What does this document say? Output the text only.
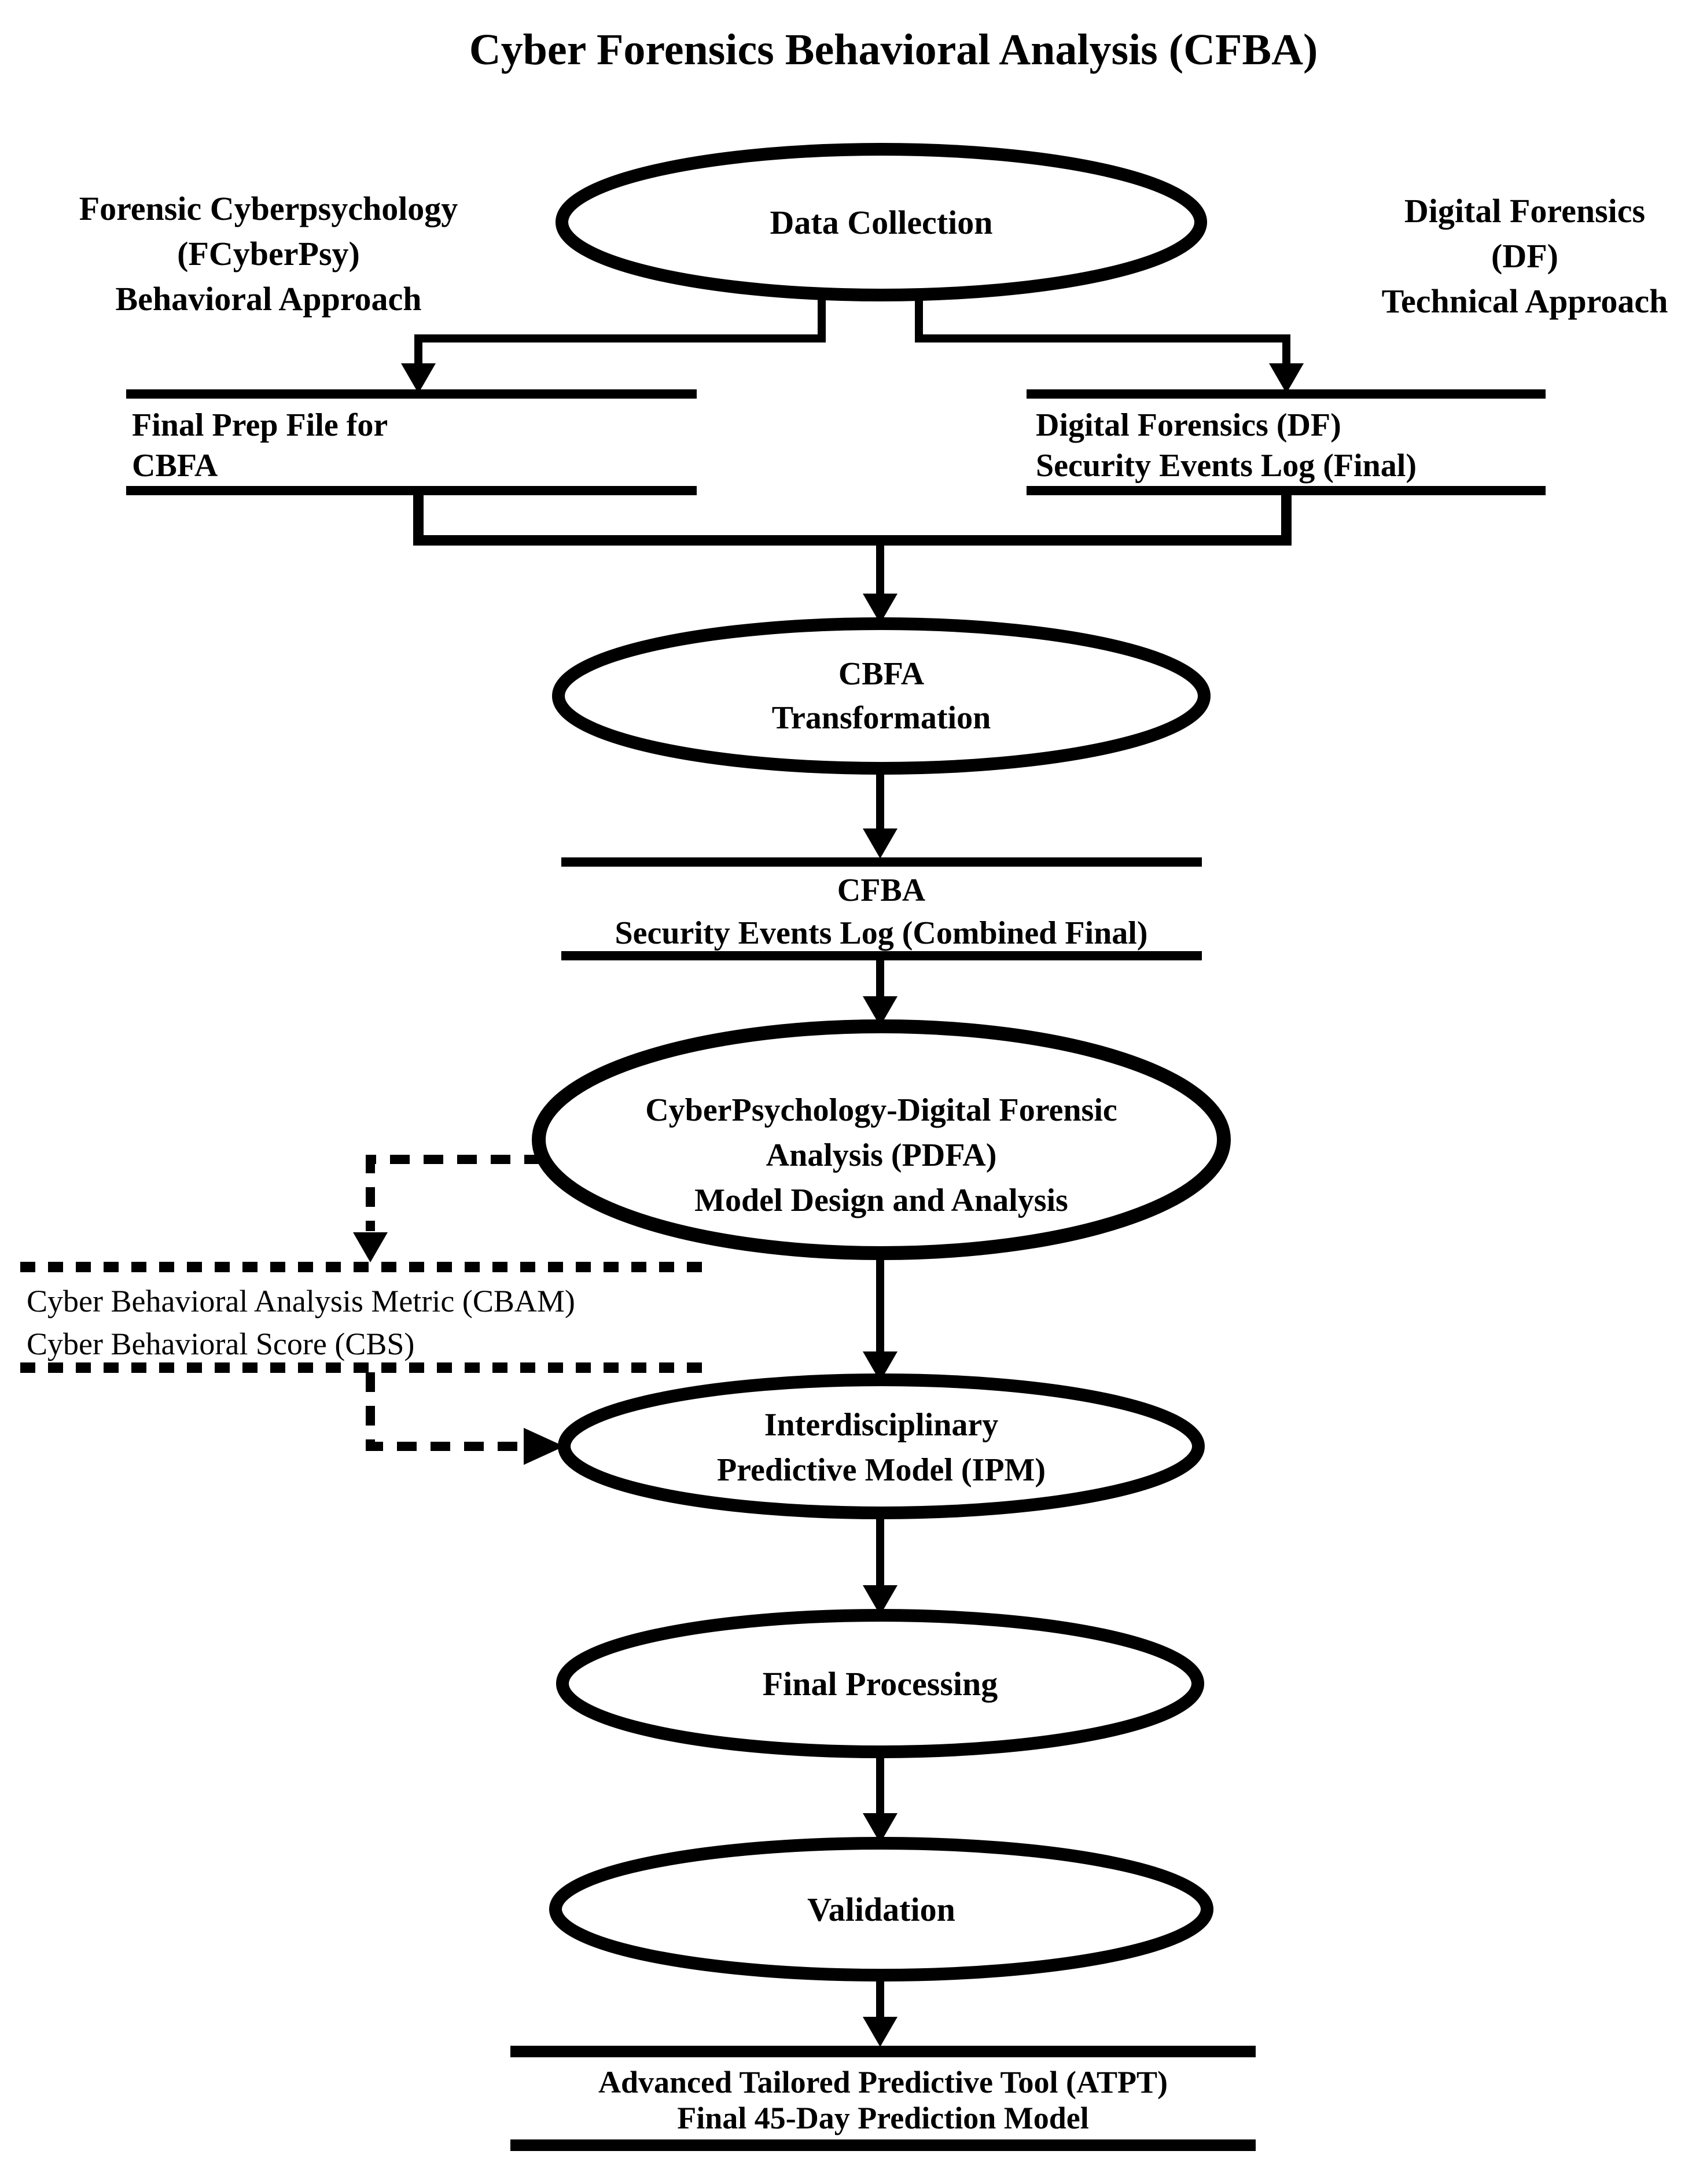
Cyber Forensics Behavioral Analysis (CFBA)
Forensic Cyberpsychology
(FCyberPsy)
Behavioral Approach
Digital Forensics
(DF)
Technical Approach
Data Collection
Final Prep File for
CBFA
Digital Forensics (DF)
Security Events Log (Final)
CBFA
Transformation
CFBA
Security Events Log (Combined Final)
CyberPsychology-Digital Forensic
Analysis (PDFA)
Model Design and Analysis
Cyber Behavioral Analysis Metric (CBAM)
Cyber Behavioral Score (CBS)
Interdisciplinary
Predictive Model (IPM)
Final Processing
Validation
Advanced Tailored Predictive Tool (ATPT)
Final 45-Day Prediction Model
